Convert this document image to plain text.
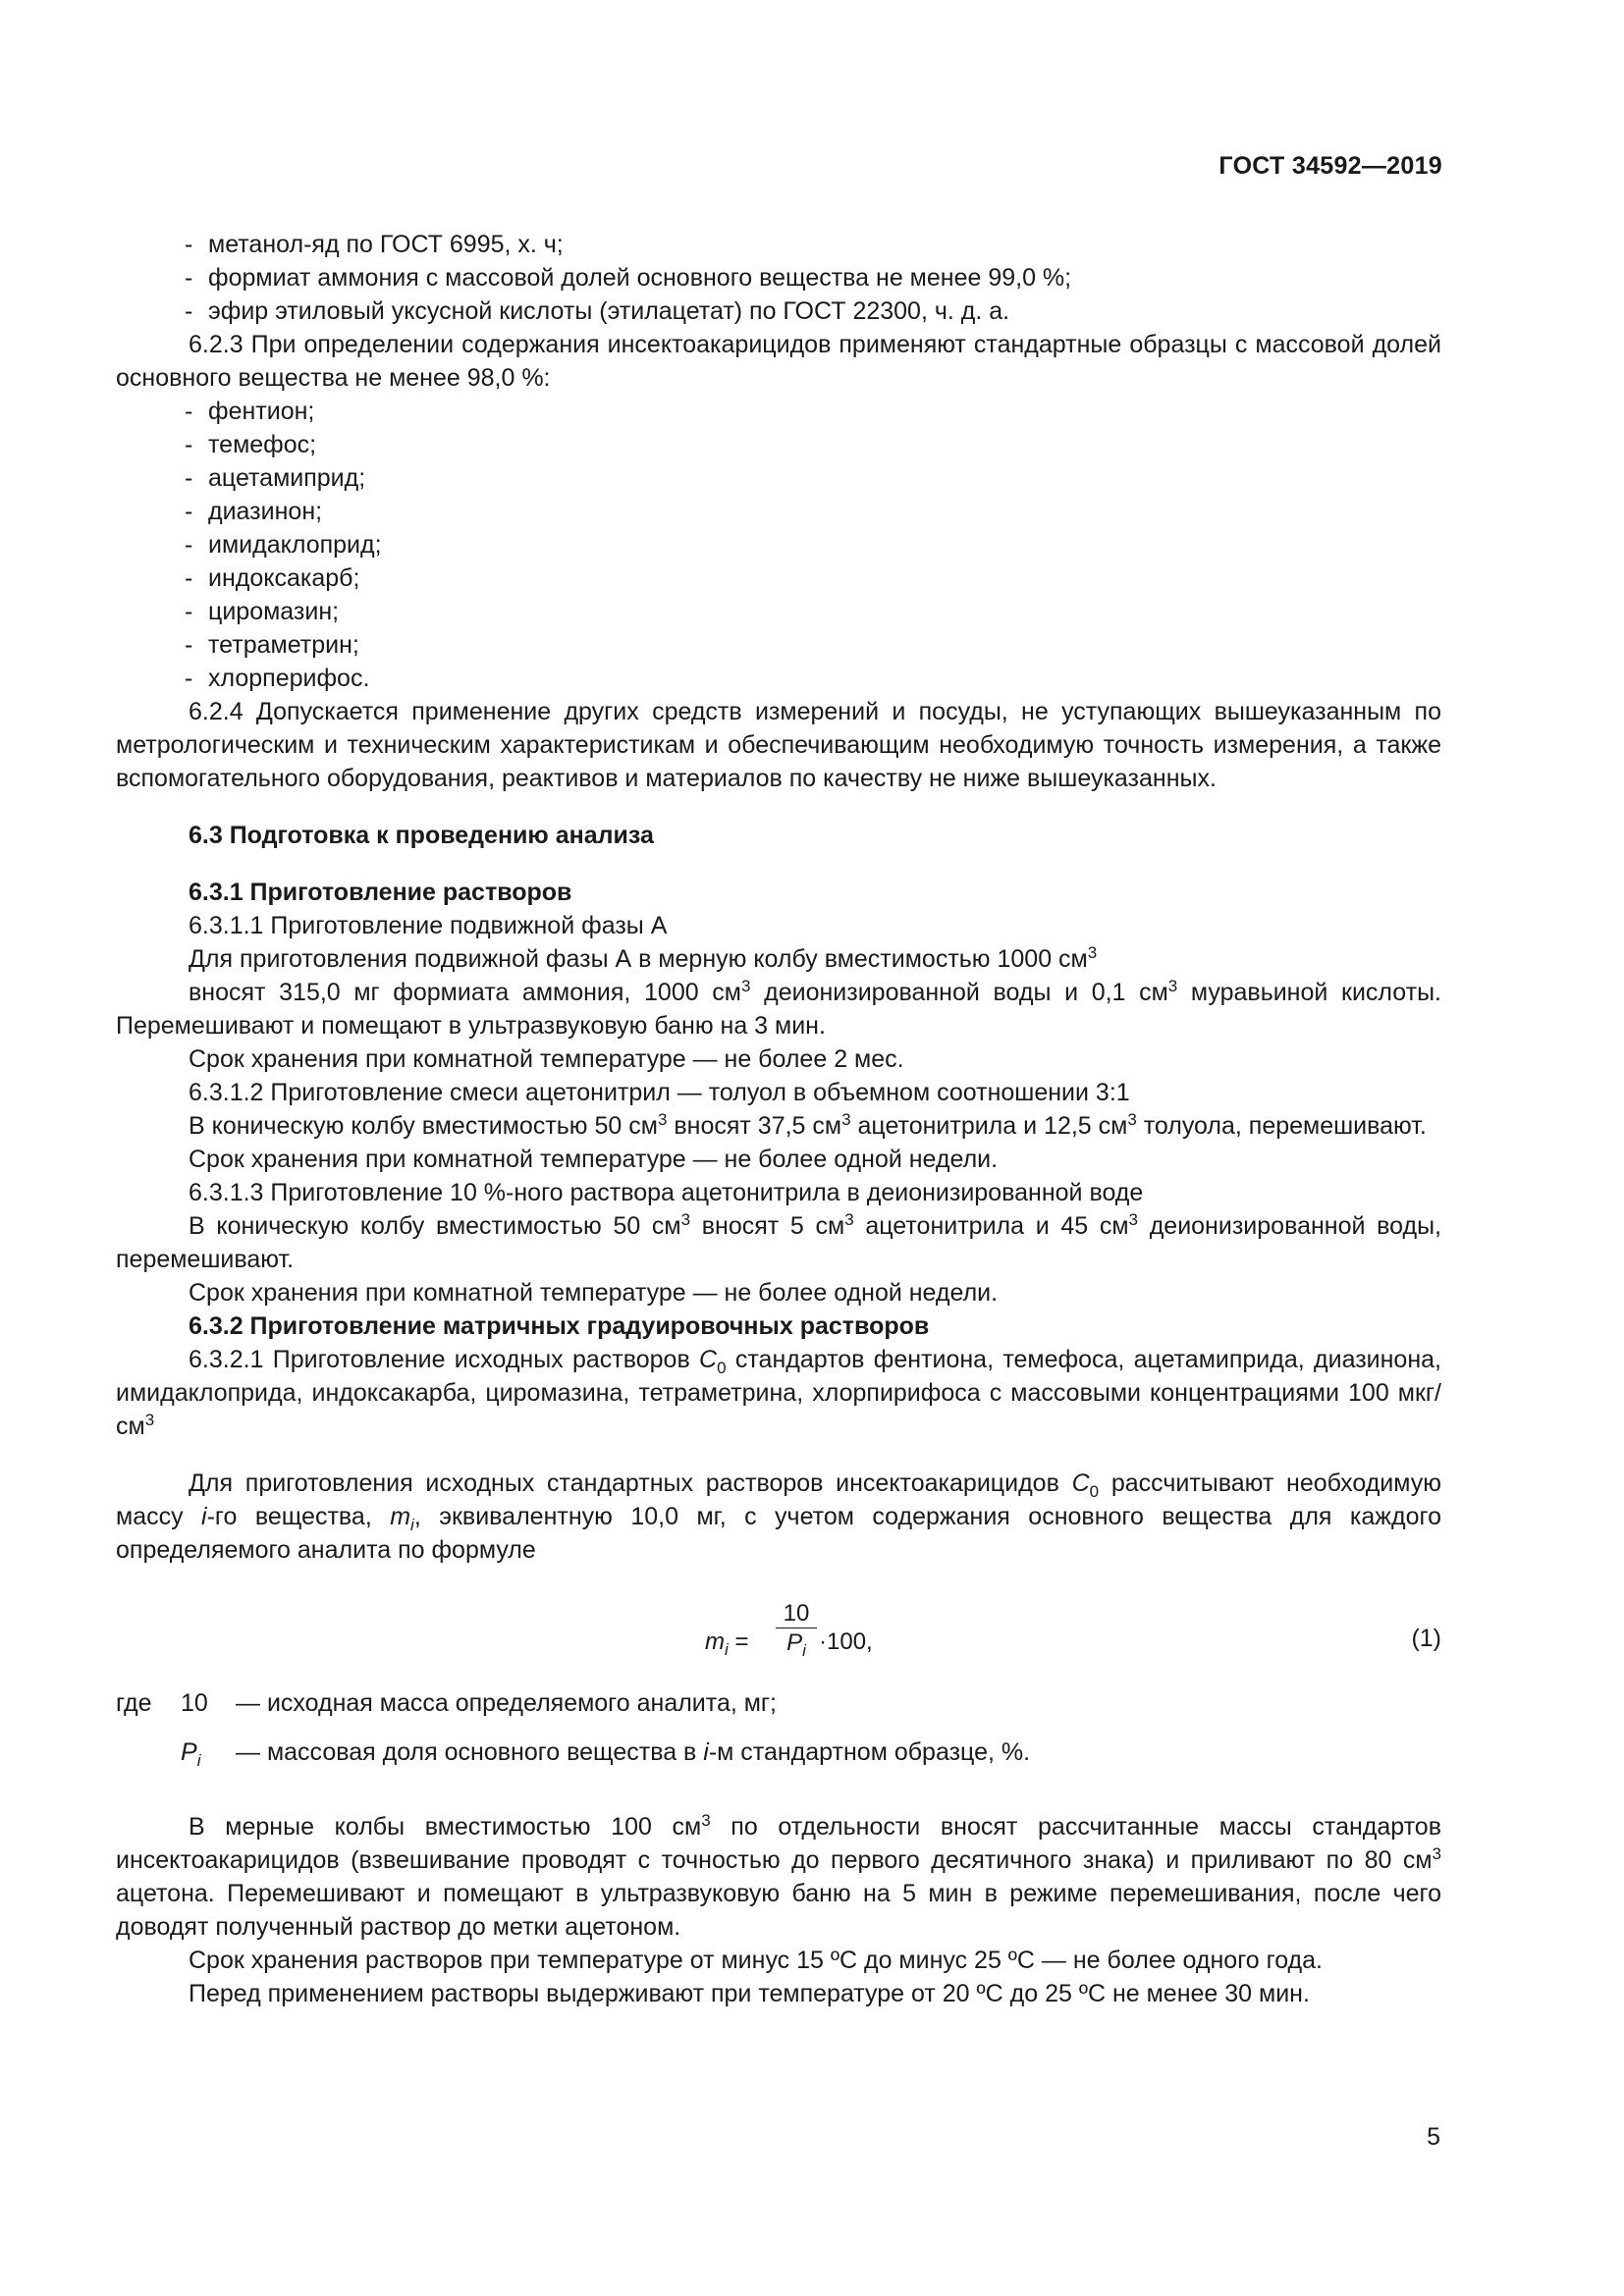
ГОСТ 34592—2019

- метанол-яд по ГОСТ 6995, х. ч;

- формиат аммония с массовой долей основного вещества не менее 99,0 %;

- эфир этиловый уксусной кислоты (этилацетат) по ГОСТ 22300, ч. д. а.

6.2.3 При определении содержания инсектоакарицидов применяют стандартные образцы с массовой долей основного вещества не менее 98,0 %:

- фентион;

- темефос;

- ацетамиприд;

- диазинон;

- имидаклоприд;

- индоксакарб;

- циромазин;

- тетраметрин;

- хлорперифос.

6.2.4 Допускается применение других средств измерений и посуды, не уступающих вышеуказанным по метрологическим и техническим характеристикам и обеспечивающим необходимую точность измерения, а также вспомогательного оборудования, реактивов и материалов по качеству не ниже вышеуказанных.

6.3 Подготовка к проведению анализа

6.3.1 Приготовление растворов

6.3.1.1 Приготовление подвижной фазы А

Для приготовления подвижной фазы А в мерную колбу вместимостью 1000 $см^3$

вносят 315,0 мг формиата аммония, 1000 $см^3$ деионизированной воды и 0,1 $см^3$ муравьиной кислоты. Перемешивают и помещают в ультразвуковую баню на 3 мин.

Срок хранения при комнатной температуре — не более 2 мес.

6.3.1.2 Приготовление смеси ацетонитрил — толуол в объемном соотношении 3:1

В коническую колбу вместимостью 50 $см^3$ вносят 37,5 $см^3$ ацетонитрила и 12,5 $см^3$ толуола, перемешивают.

Срок хранения при комнатной температуре — не более одной недели.

6.3.1.3 Приготовление 10 %-ного раствора ацетонитрила в деионизированной воде

В коническую колбу вместимостью 50 $см^3$ вносят 5 $см^3$ ацетонитрила и 45 $см^3$ деионизированной воды, перемешивают.

Срок хранения при комнатной температуре — не более одной недели.

6.3.2 Приготовление матричных градуировочных растворов

6.3.2.1 Приготовление исходных растворов $C_0$ стандартов фентиона, темефоса, ацетамиприда, диазинона, имидаклоприда, индоксакарба, циромазина, тетраметрина, хлорпирифоса с массовыми концентрациями 100 мкг/$см^3$

Для приготовления исходных стандартных растворов инсектоакарицидов $C_0$ рассчитывают необходимую массу i-го вещества, $m_i$, эквивалентную 10,0 мг, с учетом содержания основного вещества для каждого определяемого аналита по формуле

$m_i$ =
10
$P_i \cdot 100$,	(1)
где 10 — исходная масса определяемого аналита, мг;
$P_i$ — массовая доля основного вещества в i-м стандартном образце, %.

В мерные колбы вместимостью 100 $см^3$ по отдельности вносят рассчитанные массы стандартов инсектоакарицидов (взвешивание проводят с точностью до первого десятичного знака) и приливают по 80 $см^3$ ацетона. Перемешивают и помещают в ультразвуковую баню на 5 мин в режиме перемешивания, после чего доводят полученный раствор до метки ацетоном.

Срок хранения растворов при температуре от минус 15 ºС до минус 25 ºС — не более одного года.

Перед применением растворы выдерживают при температуре от 20 ºС до 25 ºС не менее 30 мин.

5
